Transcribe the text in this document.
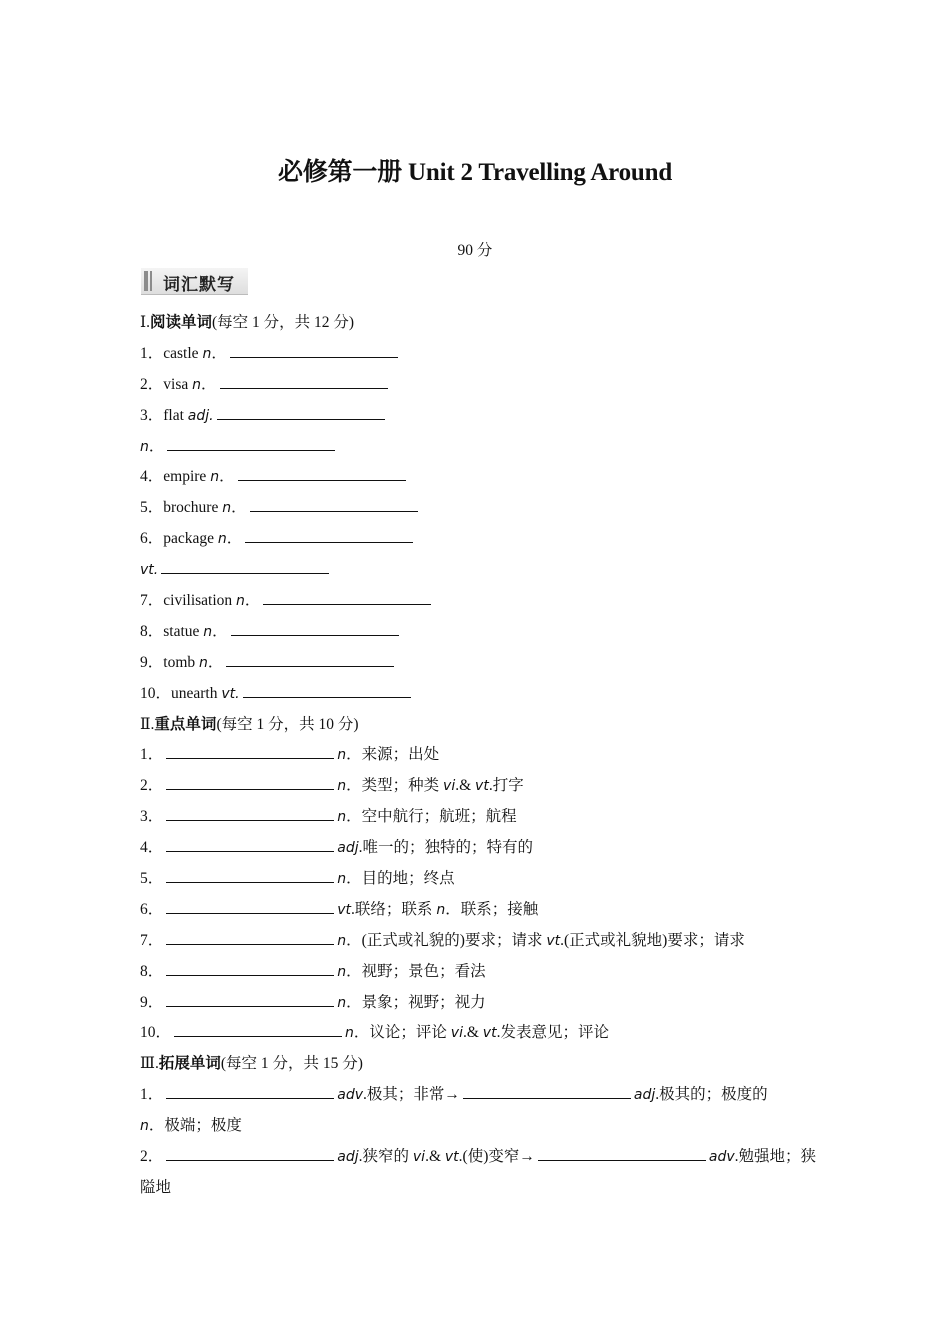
必修第一册 Unit 2 Travelling Around
90 分
词汇默写
Ⅰ.阅读单词(每空 1 分，共 12 分)
1．castle n．
2．visa n．
3．flat adj.
n．
4．empire n．
5．brochure n．
6．package n．
vt.
7．civilisation n．
8．statue n．
9．tomb n．
10．unearth vt.
Ⅱ.重点单词(每空 1 分，共 10 分)
1．	n．来源；出处
2．	n．类型；种类 vi.& vt.打字
3．	n．空中航行；航班；航程
4．	adj.唯一的；独特的；特有的
5．	n．目的地；终点
6．	vt.联络；联系 n．联系；接触
7．	n．(正式或礼貌的)要求；请求 vt.(正式或礼貌地)要求；请求
8．	n．视野；景色；看法
9．	n．景象；视野；视力
10．	n．议论；评论 vi.& vt.发表意见；评论
Ⅲ.拓展单词(每空 1 分，共 15 分)
1．	adv.极其；非常→	adj.极其的；极度的
n．极端；极度
2．	adj.狭窄的 vi.& vt.(使)变窄→	adv.勉强地；狭隘地
